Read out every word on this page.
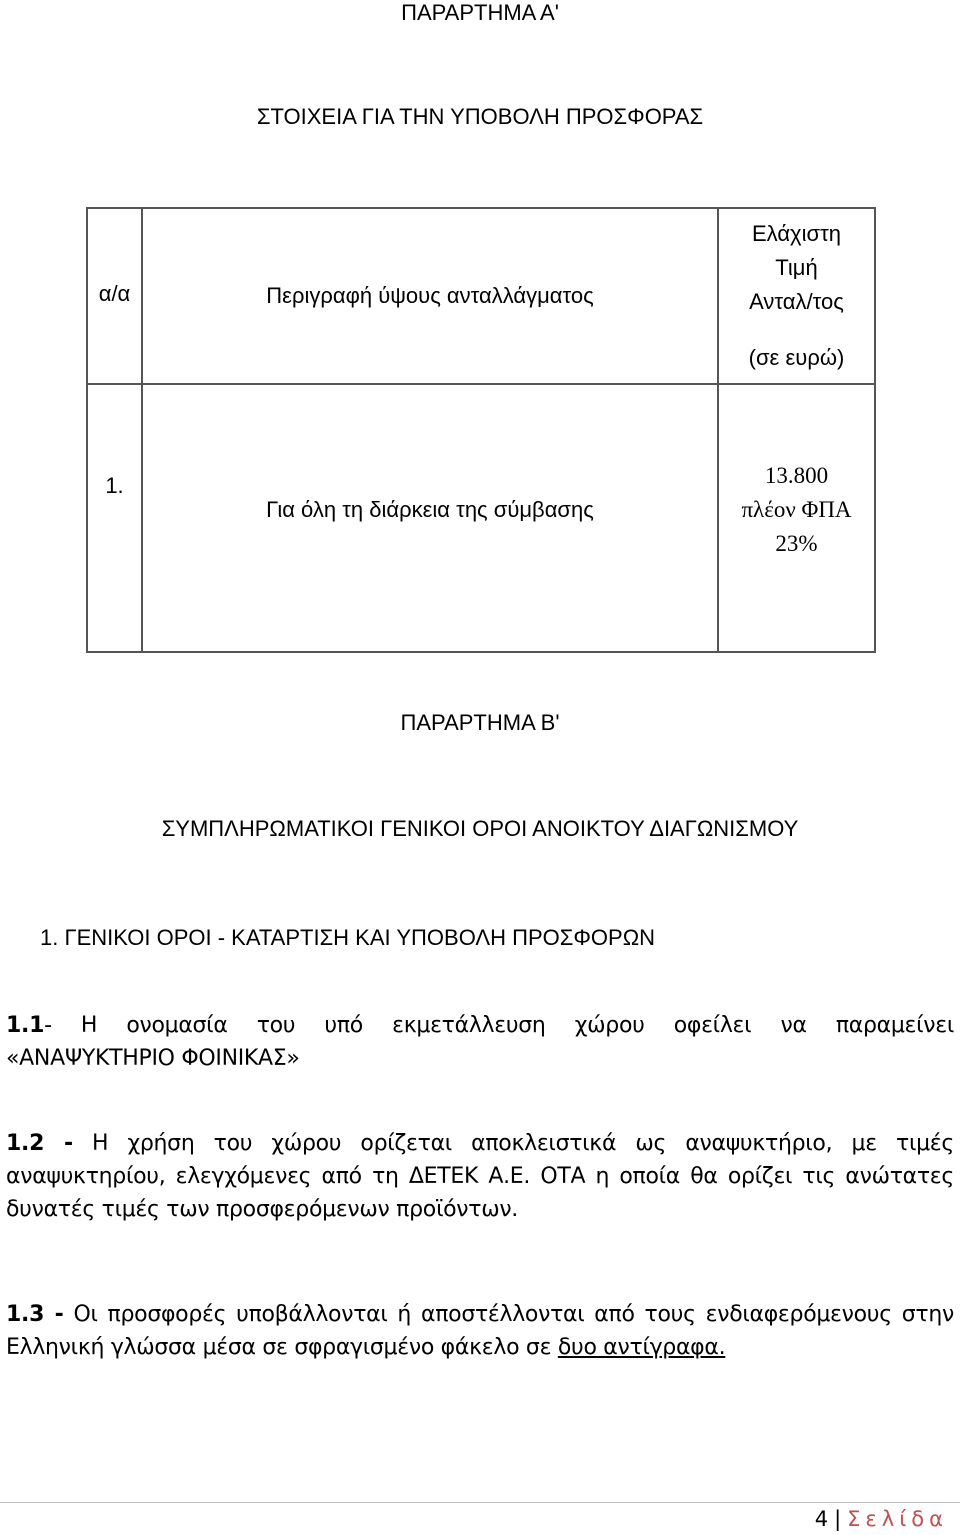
ΠΑΡΑΡΤΗΜΑ Α'
ΣΤΟΙΧΕΙΑ ΓΙΑ ΤΗΝ ΥΠΟΒΟΛΗ ΠΡΟΣΦΟΡΑΣ
α/α	Περιγραφή ύψους ανταλλάγματος	Ελάχιστη
Τιμή
Ανταλ/τος
(σε ευρώ)

1.	Για όλη τη διάρκεια της σύμβασης	13.800
πλέον ΦΠΑ
23%
ΠΑΡΑΡΤΗΜΑ Β'
ΣΥΜΠΛΗΡΩΜΑΤΙΚΟΙ ΓΕΝΙΚΟΙ ΟΡΟΙ ΑΝΟΙΚΤΟΥ ΔΙΑΓΩΝΙΣΜΟΥ
1. ΓΕΝΙΚΟΙ ΟΡΟΙ - ΚΑΤΑΡΤΙΣΗ ΚΑΙ ΥΠΟΒΟΛΗ ΠΡΟΣΦΟΡΩΝ
1.1- Η ονομασία του υπό εκμετάλλευση χώρου οφείλει να παραμείνει
«ΑΝΑΨΥΚΤΗΡΙΟ ΦΟΙΝΙΚΑΣ»
1.2 - Η χρήση του χώρου ορίζεται αποκλειστικά ως αναψυκτήριο, με τιμές
αναψυκτηρίου, ελεγχόμενες από τη ΔΕΤΕΚ Α.Ε. ΟΤΑ η οποία θα ορίζει τις ανώτατες
δυνατές τιμές των προσφερόμενων προϊόντων.
1.3 - Οι προσφορές υποβάλλονται ή αποστέλλονται από τους ενδιαφερόμενους στην
Ελληνική γλώσσα μέσα σε σφραγισμένο φάκελο σε δυο αντίγραφα.
4 | Σελίδα
